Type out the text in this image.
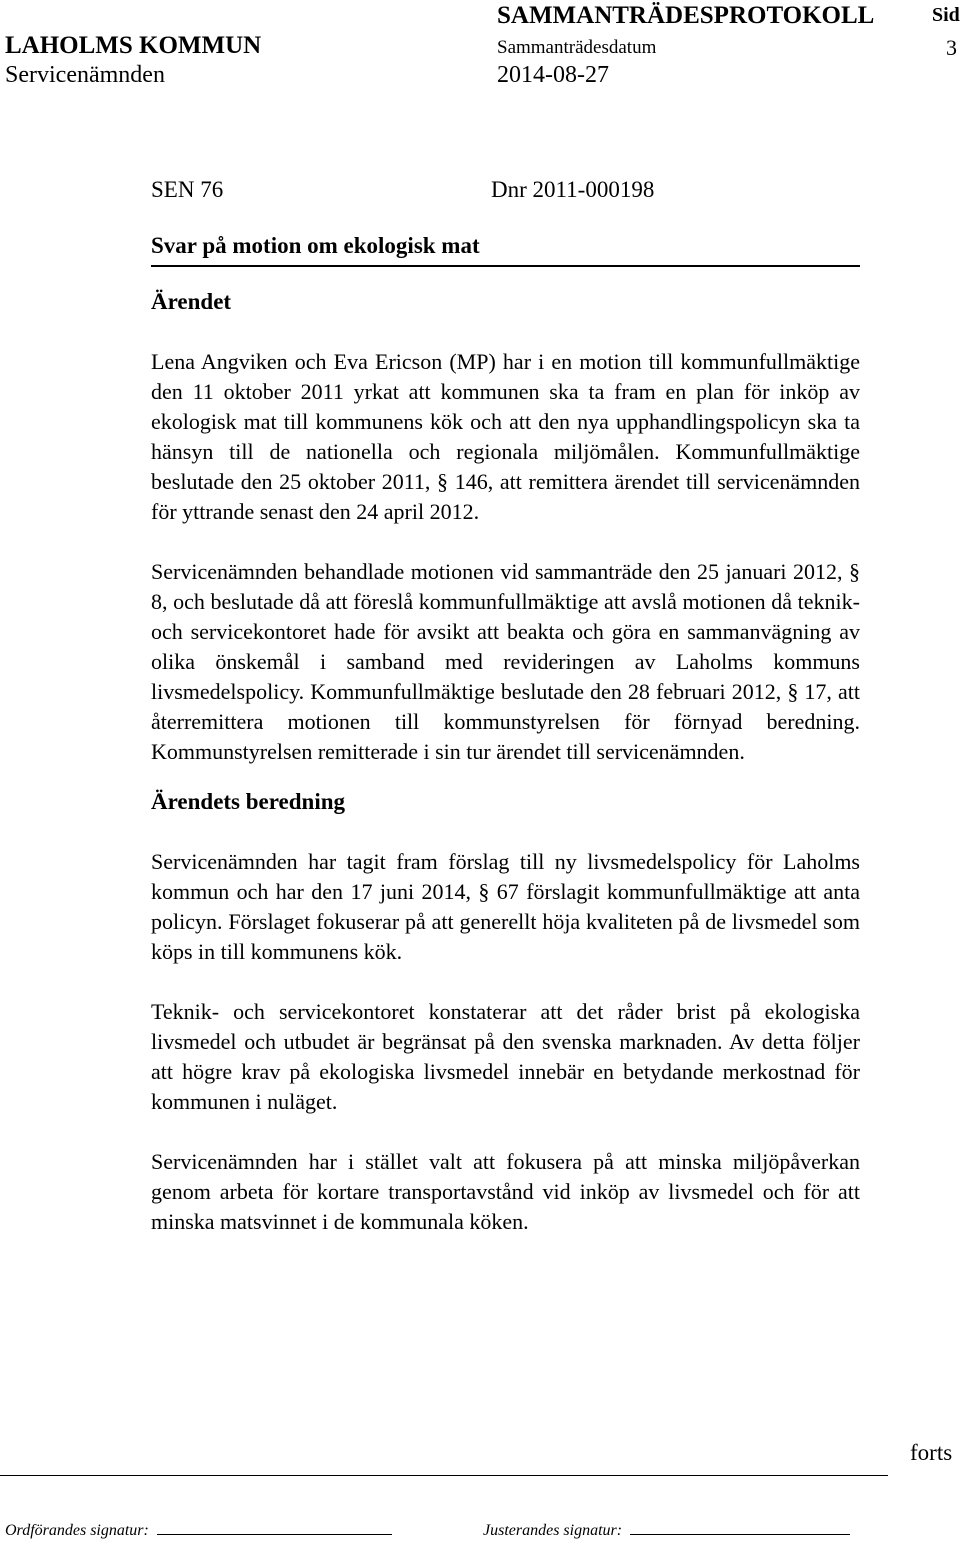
SAMMANTRÄDESPROTOKOLL	Sid
LAHOLMS KOMMUN	Sammanträdesdatum	3
Servicenämnden	2014-08-27
SEN 76	Dnr 2011-000198
Svar på motion om ekologisk mat
Ärendet

Lena Angviken och Eva Ericson (MP) har i en motion till kommunfullmäktige den 11 oktober 2011 yrkat att kommunen ska ta fram en plan för inköp av ekologisk mat till kommunens kök och att den nya upphandlingspolicyn ska ta hänsyn till de nationella och regionala miljömålen. Kommunfullmäktige beslutade den 25 oktober 2011, § 146, att remittera ärendet till servicenämnden för yttrande senast den 24 april 2012.

Servicenämnden behandlade motionen vid sammanträde den 25 januari 2012, § 8, och beslutade då att föreslå kommunfullmäktige att avslå motionen då teknik- och servicekontoret hade för avsikt att beakta och göra en sammanvägning av olika önskemål i samband med revideringen av Laholms kommuns livsmedelspolicy. Kommunfullmäktige beslutade den 28 februari 2012, § 17, att återremittera motionen till kommunstyrelsen för förnyad beredning. Kommunstyrelsen remitterade i sin tur ärendet till servicenämnden.

Ärendets beredning

Servicenämnden har tagit fram förslag till ny livsmedelspolicy för Laholms kommun och har den 17 juni 2014, § 67 förslagit kommunfullmäktige att anta policyn. Förslaget fokuserar på att generellt höja kvaliteten på de livsmedel som köps in till kommunens kök.

Teknik- och servicekontoret konstaterar att det råder brist på ekologiska livsmedel och utbudet är begränsat på den svenska marknaden. Av detta följer att högre krav på ekologiska livsmedel innebär en betydande merkostnad för kommunen i nuläget.

Servicenämnden har i stället valt att fokusera på att minska miljöpåverkan genom arbeta för kortare transportavstånd vid inköp av livsmedel och för att minska matsvinnet i de kommunala köken.

forts
Ordförandes signatur:	Justerandes signatur:
